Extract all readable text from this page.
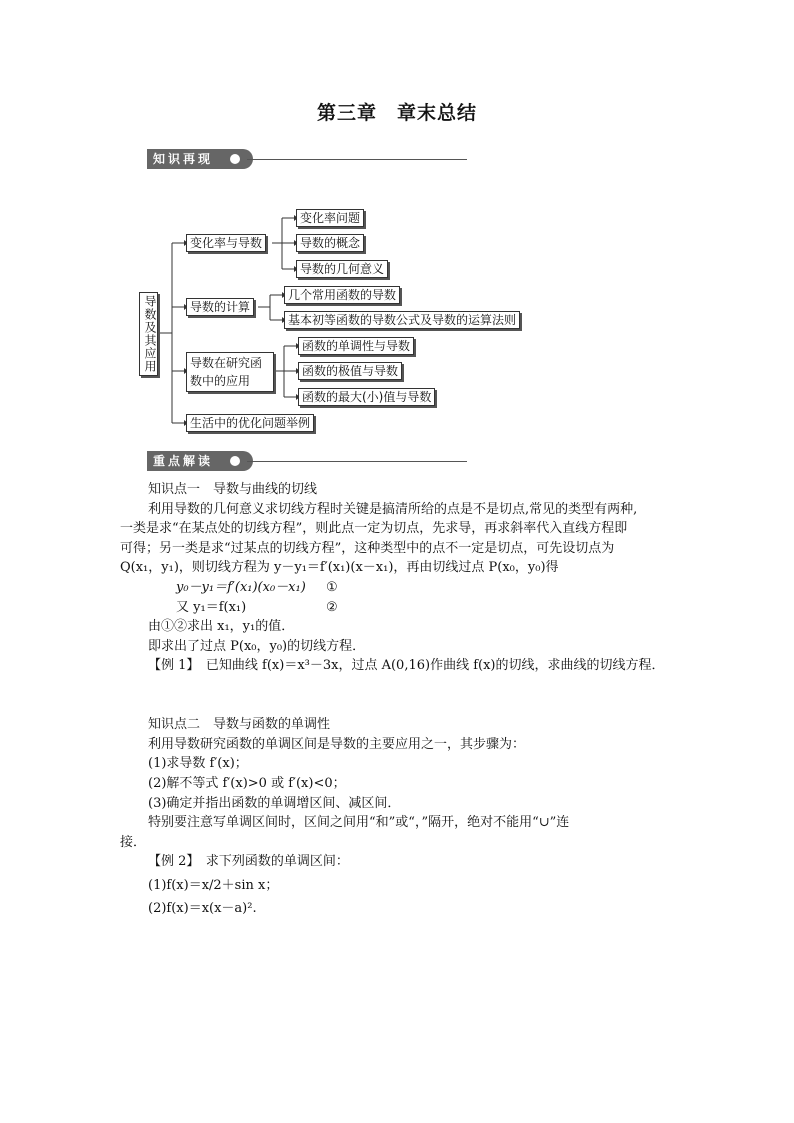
第三章　章末总结
知识再现
导数及其应用
变化率与导数
变化率问题
导数的概念
导数的几何意义
导数的计算
几个常用函数的导数
基本初等函数的导数公式及导数的运算法则
导数在研究函数中的应用
函数的单调性与导数
函数的极值与导数
函数的最大(小)值与导数
生活中的优化问题举例
重点解读

知识点一　导数与曲线的切线

利用导数的几何意义求切线方程时关键是搞清所给的点是不是切点,常见的类型有两种,

一类是求“在某点处的切线方程”，则此点一定为切点，先求导，再求斜率代入直线方程即

可得；另一类是求“过某点的切线方程”，这种类型中的点不一定是切点，可先设切点为

Q(x₁，y₁)，则切线方程为 y－y₁＝f′(x₁)(x－x₁)，再由切线过点 P(x₀，y₀)得

y₀－y₁＝f′(x₁)(x₀－x₁) ①

又 y₁＝f(x₁)	②

由①②求出 x₁，y₁的值．

即求出了过点 P(x₀，y₀)的切线方程．

【例 1】　已知曲线 f(x)＝x³－3x，过点 A(0,16)作曲线 f(x)的切线，求曲线的切线方程．

知识点二　导数与函数的单调性

利用导数研究函数的单调区间是导数的主要应用之一，其步骤为：

(1)求导数 f′(x)；

(2)解不等式 f′(x)>0 或 f′(x)<0；

(3)确定并指出函数的单调增区间、减区间．

特别要注意写单调区间时，区间之间用“和”或“，”隔开，绝对不能用“∪”连

接．

【例 2】　求下列函数的单调区间：

(1)f(x)＝x/2＋sin x；

(2)f(x)＝x(x－a)².
